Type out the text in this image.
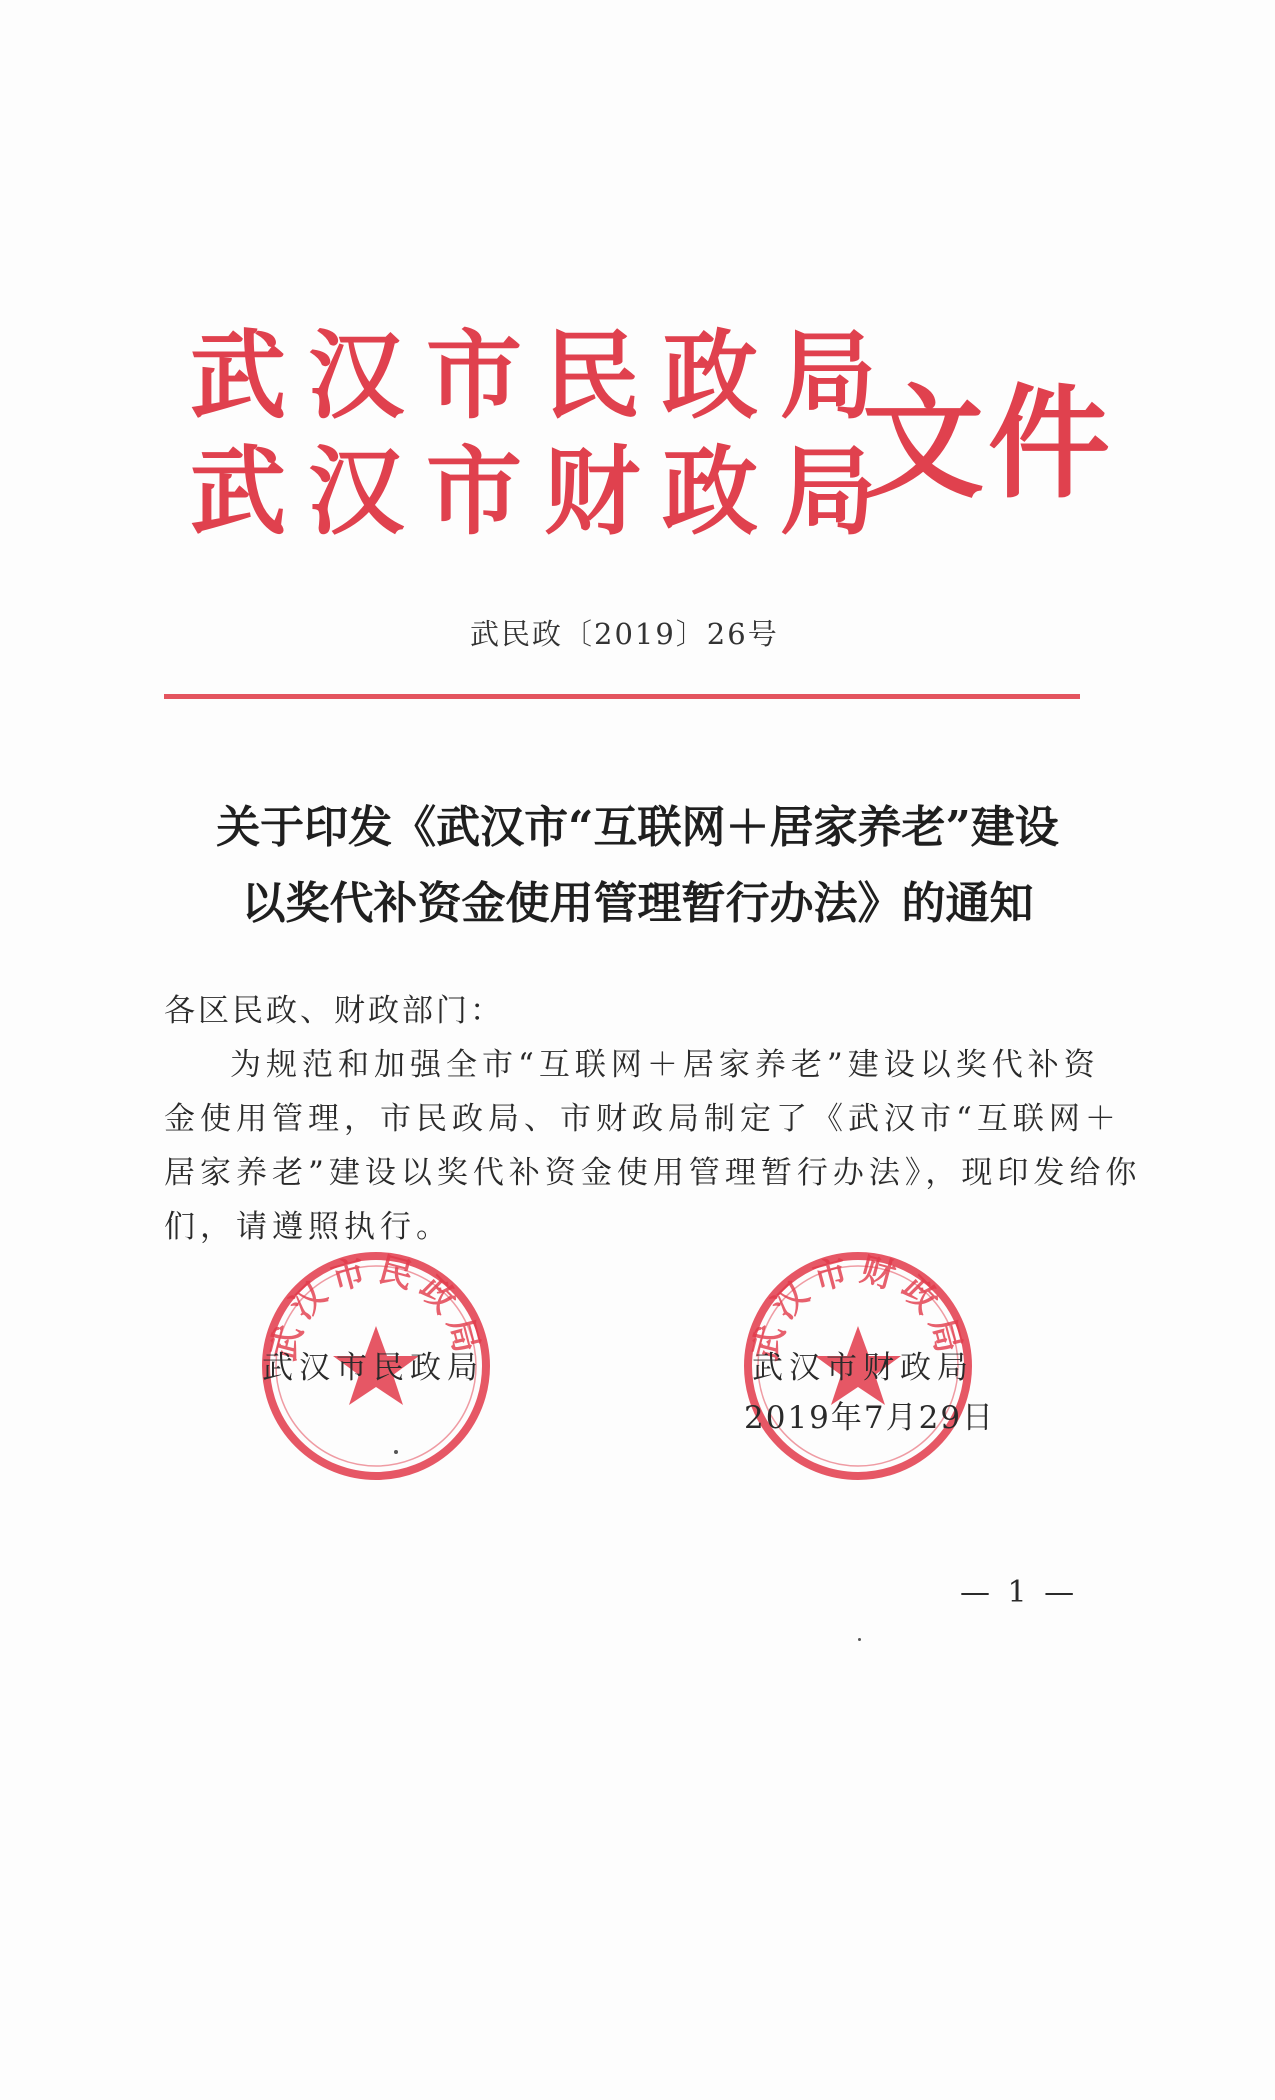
武汉市民政局
武汉市财政局
文件
武民政〔2019〕26号
关于印发《武汉市“互联网＋居家养老”建设
以奖代补资金使用管理暂行办法》的通知
各区民政、财政部门：
为规范和加强全市“互联网＋居家养老”建设以奖代补资
金使用管理，市民政局、市财政局制定了《武汉市“互联网＋
居家养老”建设以奖代补资金使用管理暂行办法》，现印发给你
们，请遵照执行。
武汉市民政局	武汉市财政局
武汉市民政局	武汉市财政局
2019年7月29日
— 1 —
